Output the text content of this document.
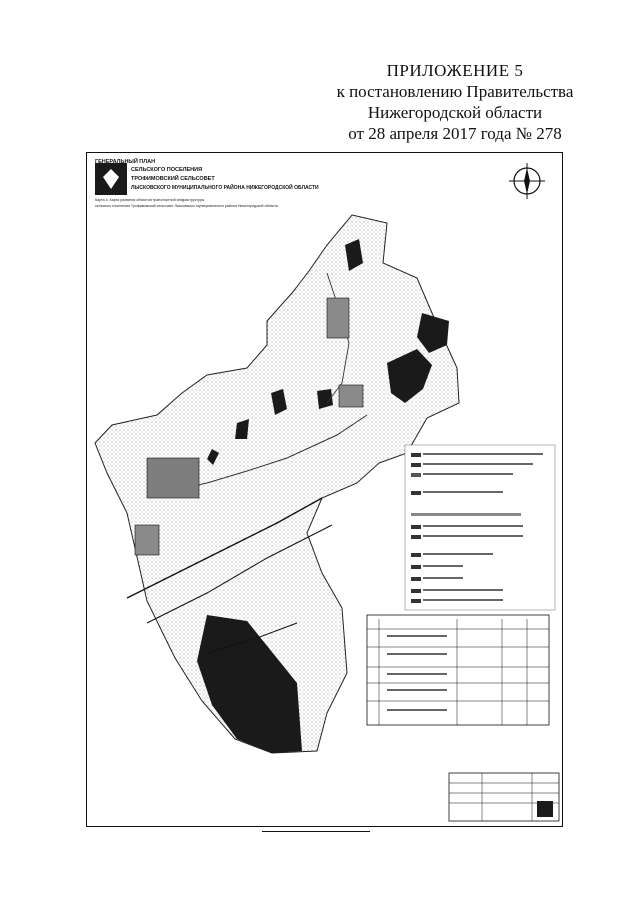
ПРИЛОЖЕНИЕ 5
к постановлению Правительства
Нижегородской области
от 28 апреля 2017 года № 278
ГЕНЕРАЛЬНЫЙ ПЛАН
СЕЛЬСКОГО ПОСЕЛЕНИЯ
ТРОФИМОВСКИЙ СЕЛЬСОВЕТ
ЛЫСКОВСКОГО МУНИЦИПАЛЬНОГО РАЙОНА НИЖЕГОРОДСКОЙ ОБЛАСТИ
Карта 4. Карта развития объектов транспортной инфраструктуры
сельского поселения Трофимовский сельсовет Лысковского муниципального района Нижегородской области
